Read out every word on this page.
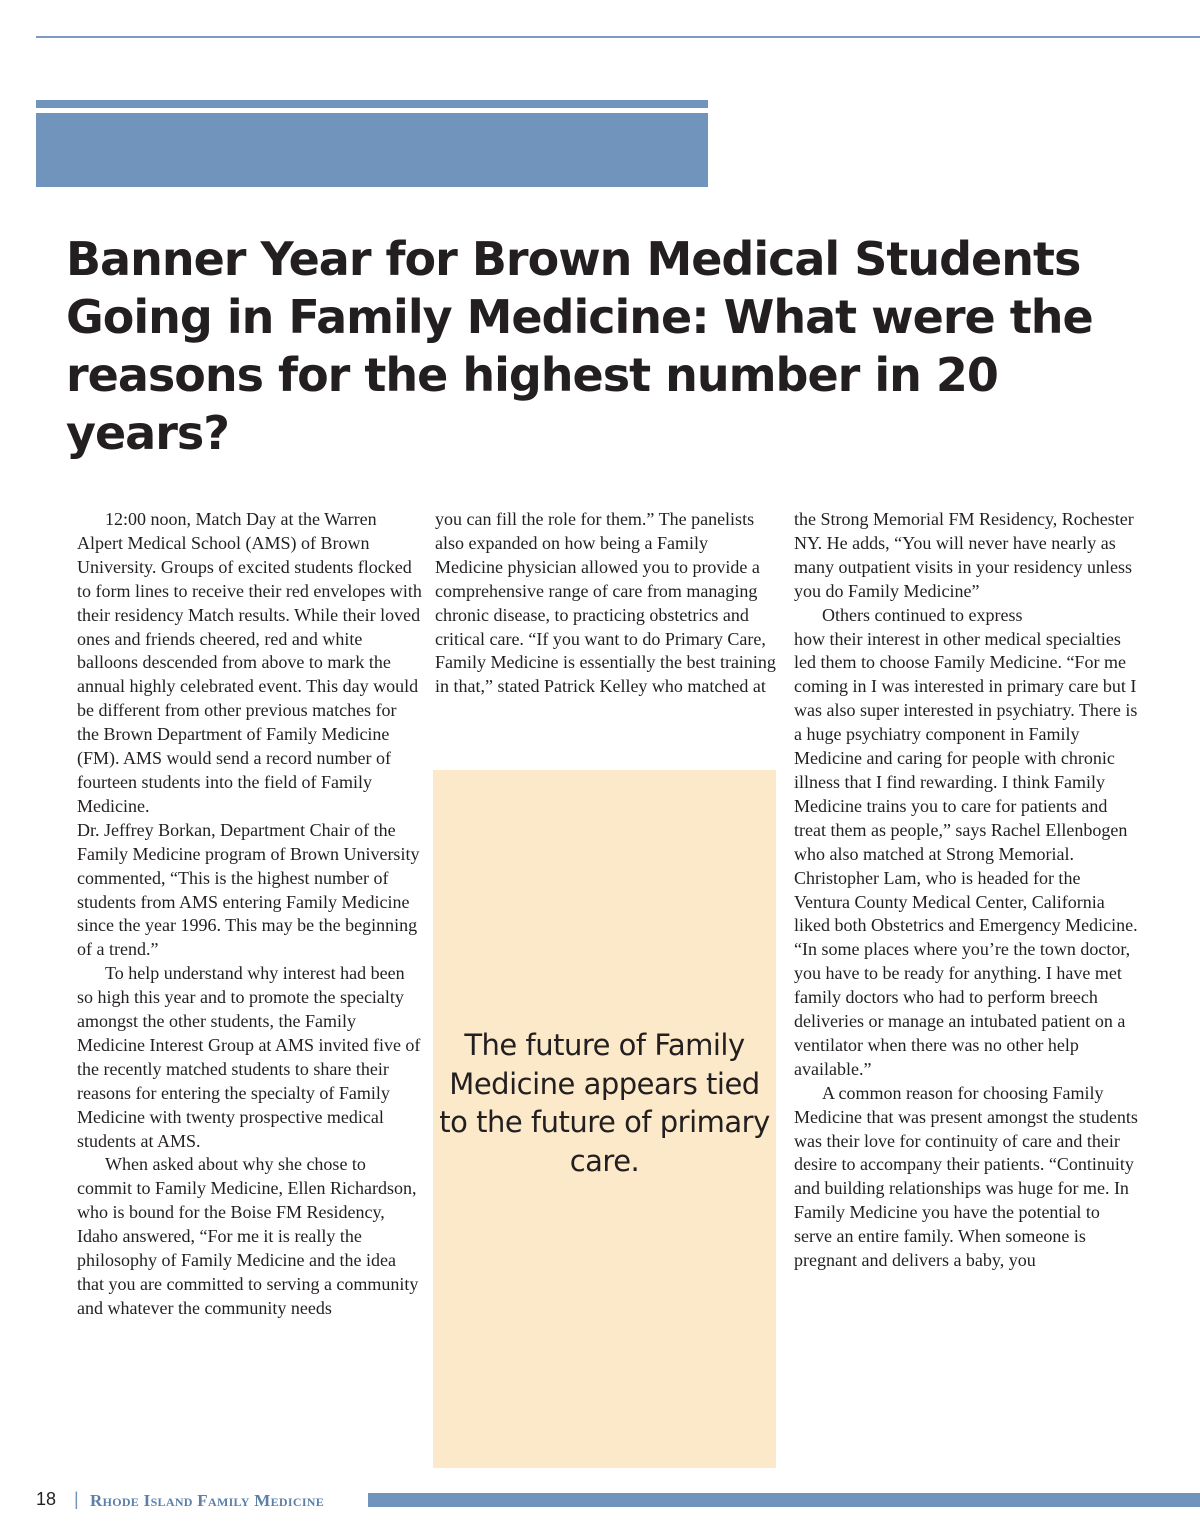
Banner Year for Brown Medical Students Going in Family Medicine: What were the reasons for the highest number in 20 years?

12:00 noon, Match Day at the Warren Alpert Medical School (AMS) of Brown University. Groups of excited students flocked to form lines to receive their red envelopes with their residency Match results. While their loved ones and friends cheered, red and white balloons descended from above to mark the annual highly celebrated event. This day would be different from other previous matches for the Brown Department of Family Medicine (FM). AMS would send a record number of fourteen students into the field of Family Medicine.

Dr. Jeffrey Borkan, Department Chair of the Family Medicine program of Brown University commented, “This is the highest number of students from AMS entering Family Medicine since the year 1996. This may be the beginning of a trend.”

To help understand why interest had been so high this year and to promote the specialty amongst the other students, the Family Medicine Interest Group at AMS invited five of the recently matched students to share their reasons for entering the specialty of Family Medicine with twenty prospective medical students at AMS.

When asked about why she chose to commit to Family Medicine, Ellen Richardson, who is bound for the Boise FM Residency, Idaho answered, “For me it is really the philosophy of Family Medicine and the idea that you are committed to serving a community and whatever the community needs

you can fill the role for them.” The panelists also expanded on how being a Family Medicine physician allowed you to provide a comprehensive range of care from managing chronic disease, to practicing obstetrics and critical care. “If you want to do Primary Care, Family Medicine is essentially the best training in that,” stated Patrick Kelley who matched at

The future of Family Medicine appears tied to the future of primary care.

the Strong Memorial FM Residency, Rochester NY. He adds, “You will never have nearly as many outpatient visits in your residency unless you do Family Medicine”

Others continued to express

how their interest in other medical specialties led them to choose Family Medicine. “For me coming in I was interested in primary care but I was also super interested in psychiatry. There is a huge psychiatry component in Family Medicine and caring for people with chronic illness that I find rewarding. I think Family Medicine trains you to care for patients and treat them as people,” says Rachel Ellenbogen who also matched at Strong Memorial. Christopher Lam, who is headed for the Ventura County Medical Center, California liked both Obstetrics and Emergency Medicine. “In some places where you’re the town doctor, you have to be ready for anything. I have met family doctors who had to perform breech deliveries or manage an intubated patient on a ventilator when there was no other help available.”

A common reason for choosing Family Medicine that was present amongst the students was their love for continuity of care and their desire to accompany their patients. “Continuity and building relationships was huge for me. In Family Medicine you have the potential to serve an entire family. When someone is pregnant and delivers a baby, you

18 | Rhode Island Family Medicine
